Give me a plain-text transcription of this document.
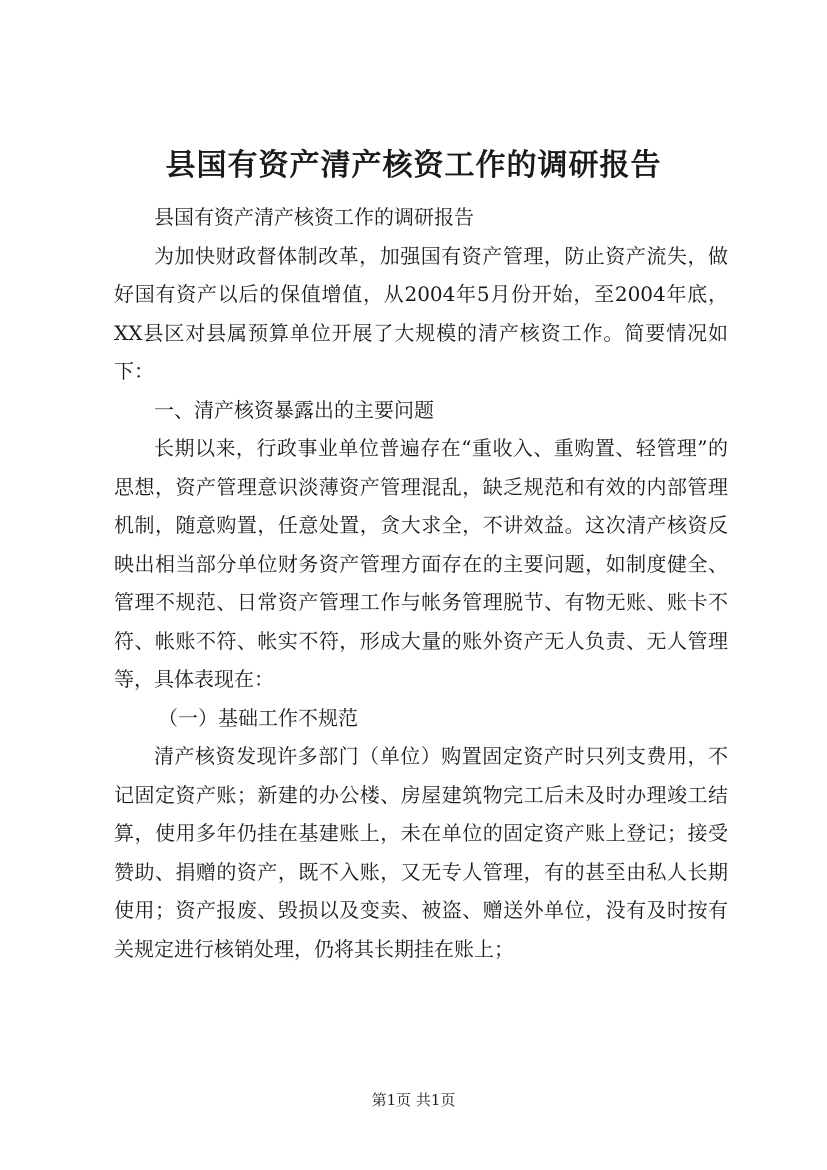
县国有资产清产核资工作的调研报告

县国有资产清产核资工作的调研报告

为加快财政督体制改革，加强国有资产管理，防止资产流失，做好国有资产以后的保值增值，从2004年5月份开始，至2004年底，XX县区对县属预算单位开展了大规模的清产核资工作。简要情况如下：

一、清产核资暴露出的主要问题

长期以来，行政事业单位普遍存在“重收入、重购置、轻管理”的思想，资产管理意识淡薄资产管理混乱，缺乏规范和有效的内部管理机制，随意购置，任意处置，贪大求全，不讲效益。这次清产核资反映出相当部分单位财务资产管理方面存在的主要问题，如制度健全、管理不规范、日常资产管理工作与帐务管理脱节、有物无账、账卡不符、帐账不符、帐实不符，形成大量的账外资产无人负责、无人管理等，具体表现在：

（一）基础工作不规范

清产核资发现许多部门（单位）购置固定资产时只列支费用，不记固定资产账；新建的办公楼、房屋建筑物完工后未及时办理竣工结算，使用多年仍挂在基建账上，未在单位的固定资产账上登记；接受赞助、捐赠的资产，既不入账，又无专人管理，有的甚至由私人长期使用；资产报废、毁损以及变卖、被盗、赠送外单位，没有及时按有关规定进行核销处理，仍将其长期挂在账上；

第1页 共1页
